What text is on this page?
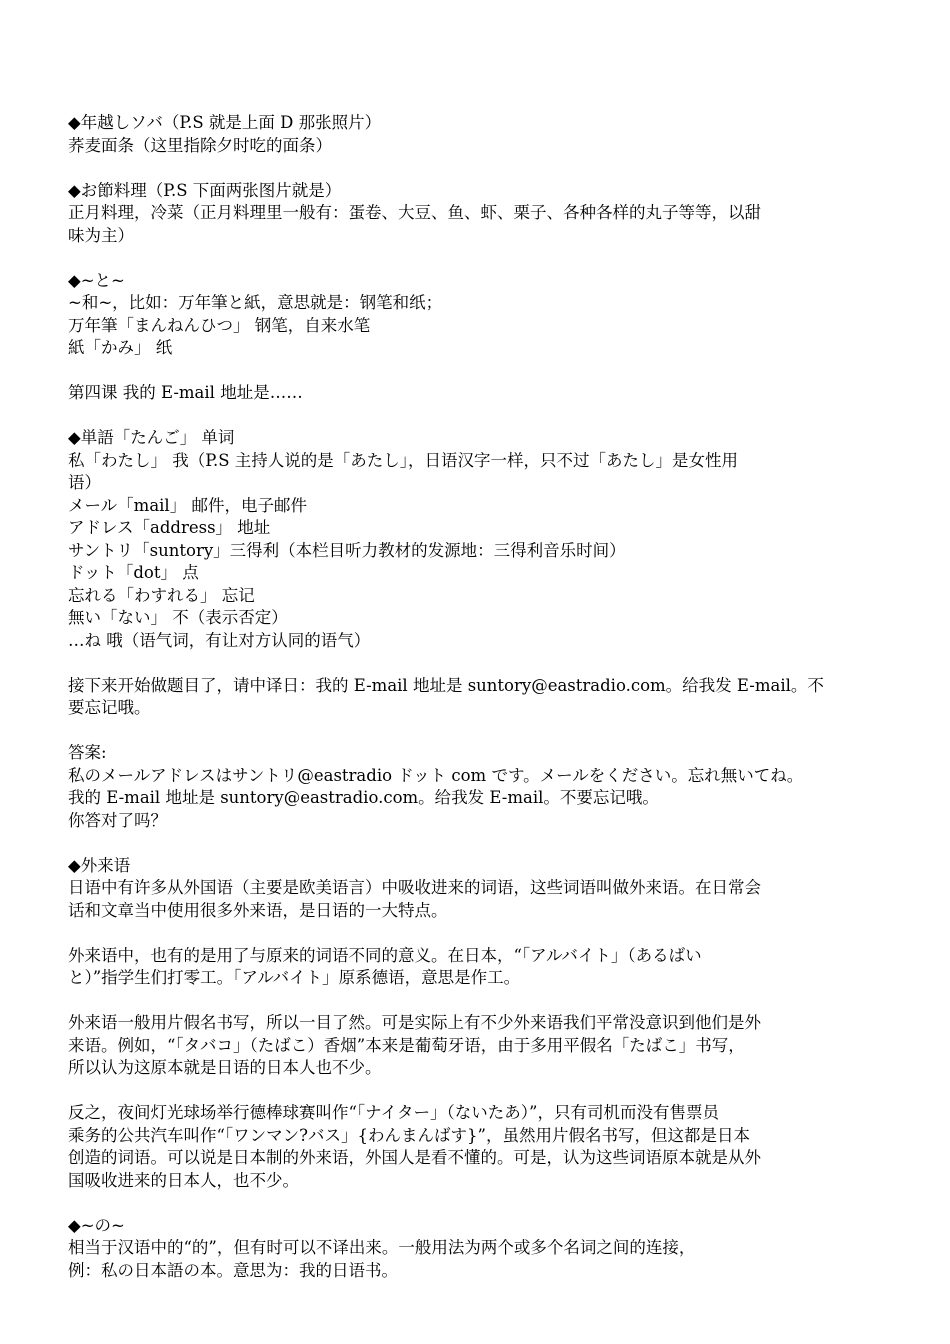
◆年越しソバ（P.S 就是上面 D 那张照片）

荞麦面条（这里指除夕时吃的面条）

◆お節料理（P.S 下面两张图片就是）

正月料理，冷菜（正月料理里一般有：蛋卷、大豆、鱼、虾、栗子、各种各样的丸子等等，以甜

味为主）

◆~と~

~和~，比如：万年筆と紙，意思就是：钢笔和纸；

万年筆「まんねんひつ」 钢笔，自来水笔

紙「かみ」 纸

第四课 我的 E-mail 地址是……

◆単語「たんご」 单词

私「わたし」 我（P.S 主持人说的是「あたし」，日语汉字一样，只不过「あたし」是女性用

语）

メール「mail」 邮件，电子邮件

アドレス「address」 地址

サントリ「suntory」三得利（本栏目听力教材的发源地：三得利音乐时间）

ドット「dot」 点

忘れる「わすれる」 忘记

無い「ない」 不（表示否定）

…ね 哦（语气词，有让对方认同的语气）

接下来开始做题目了，请中译日：我的 E-mail 地址是 suntory@eastradio.com。给我发 E-mail。不

要忘记哦。

答案:

私のメールアドレスはサントリ@eastradio ドット com です。メールをください。忘れ無いてね。

我的 E-mail 地址是 suntory@eastradio.com。给我发 E-mail。不要忘记哦。

你答对了吗？

◆外来语

日语中有许多从外国语（主要是欧美语言）中吸收进来的词语，这些词语叫做外来语。在日常会

话和文章当中使用很多外来语，是日语的一大特点。

外来语中，也有的是用了与原来的词语不同的意义。在日本，“「アルバイト」（あるばい

と）”指学生们打零工。「アルバイト」原系德语，意思是作工。

外来语一般用片假名书写，所以一目了然。可是实际上有不少外来语我们平常没意识到他们是外

来语。例如，“「タバコ」（たばこ）香烟”本来是葡萄牙语，由于多用平假名「たばこ」书写，

所以认为这原本就是日语的日本人也不少。

反之，夜间灯光球场举行德棒球赛叫作“「ナイター」（ないたあ）”，只有司机而没有售票员

乘务的公共汽车叫作“「ワンマン?バス」{わんまんばす}”，虽然用片假名书写，但这都是日本

创造的词语。可以说是日本制的外来语，外国人是看不懂的。可是，认为这些词语原本就是从外

国吸收进来的日本人，也不少。

◆~の~

相当于汉语中的“的”，但有时可以不译出来。一般用法为两个或多个名词之间的连接，

例：私の日本語の本。意思为：我的日语书。
